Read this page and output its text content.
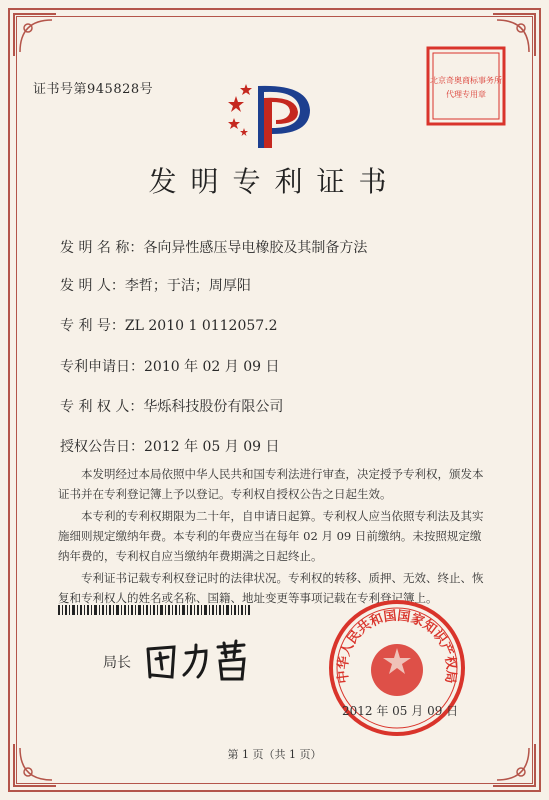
证书号第945828号
北京奇奥商标事务所
代理专用章
发明专利证书
发 明 名 称：各向异性感压导电橡胶及其制备方法
发 明 人：李哲；于洁；周厚阳
专 利 号：ZL 2010 1 0112057.2
专利申请日：2010 年 02 月 09 日
专 利 权 人：华烁科技股份有限公司
授权公告日：2012 年 05 月 09 日

本发明经过本局依照中华人民共和国专利法进行审查，决定授予专利权，颁发本证书并在专利登记簿上予以登记。专利权自授权公告之日起生效。

本专利的专利权期限为二十年，自申请日起算。专利权人应当依照专利法及其实施细则规定缴纳年费。本专利的年费应当在每年 02 月 09 日前缴纳。未按照规定缴纳年费的，专利权自应当缴纳年费期满之日起终止。

专利证书记载专利权登记时的法律状况。专利权的转移、质押、无效、终止、恢复和专利权人的姓名或名称、国籍、地址变更等事项记载在专利登记簿上。

局长
中华人民共和国国家知识产权局
2012 年 05 月 09 日
第 1 页（共 1 页）
